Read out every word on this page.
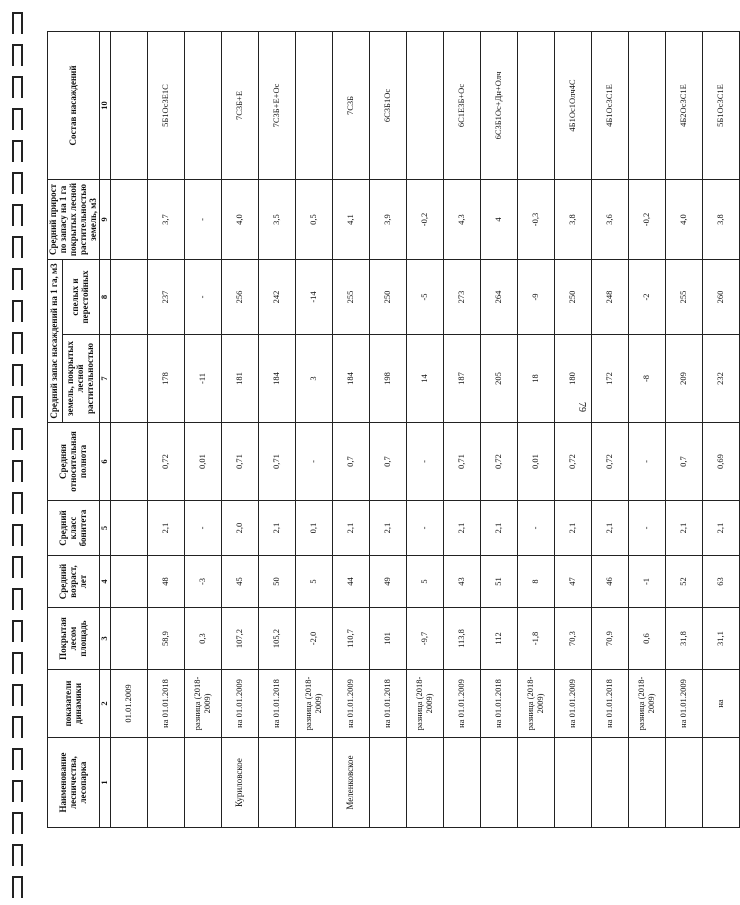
Наименование лесничества, лесопарка	показатели динамики	Покрытая лесом площадь	Средний возраст, лет	Средний класс бонитета	Средняя относительная полнота	Средний запас насаждений на 1 га, м3		Средний прирост по запасу на 1 га покрытых лесной растительностью земель, м3	Состав насаждений
						земель, покрытых лесной растительностью	спелых и перестойных		
1	2	3	4	5	6	7	8	9	10
	01.01.2009								
	на 01.01.2018	58,9	48	2,1	0,72	178	237	3,7	5Б1Ос3Е1С
	разница (2018-2009)	0,3	-3	-	0,01	-11	-	-	
Куриловское	на 01.01.2009	107,2	45	2,0	0,71	181	256	4,0	7С3Б+Е
	на 01.01.2018	105,2	50	2,1	0,71	184	242	3,5	7С3Б+Е+Ос
	разница (2018-2009)	-2,0	5	0,1	-	3	-14	0,5	
Меленковское	на 01.01.2009	110,7	44	2,1	0,7	184	255	4,1	7С3Б
	на 01.01.2018	101	49	2,1	0,7	198	250	3,9	6С3Б1Ос
	разница (2018-2009)	-9,7	5	-	-	14	-5	-0,2	
	на 01.01.2009	113,8	43	2,1	0,71	187	273	4,3	6С1Е3Б+Ос
	на 01.01.2018	112	51	2,1	0,72	205	264	4	6С3Б1Ос+Дн+Олч
	разница (2018-2009)	-1,8	8	-	0,01	18	-9	-0,3	
	на 01.01.2009	70,3	47	2,1	0,72	180	250	3,8	4Б1Ос1Олч4С
	на 01.01.2018	70,9	46	2,1	0,72	172	248	3,6	4Б1Ос3С1Е
	разница (2018-2009)	0,6	-1	-	-	-8	-2	-0,2	
	на 01.01.2009	31,8	52	2,1	0,7	209	255	4,0	4Б2Ос3С1Е
	на	31,1	63	2,1	0,69	232	260	3,8	5Б1Ос3С1Е
79
